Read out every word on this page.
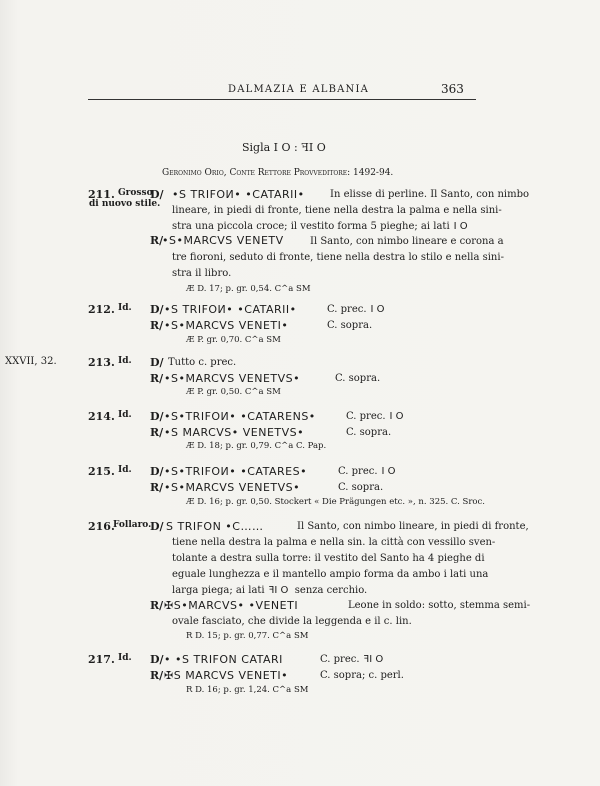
DALMAZIA E ALBANIA	363
Sigla I O : ꟻI O
Geronimo Orio, Conte Rettore Provveditore: 1492-94.
211. Grosso
di nuovo stile.
D/ •S TRIFOИ• •CATARII•	In elisse di perline. Il Santo, con nimbo
lineare, in piedi di fronte, tiene nella destra la palma e nella sini-
stra una piccola croce; il vestito forma 5 pieghe; ai lati I O
R/
•S•MARCVS VENETV	Il Santo, con nimbo lineare e corona a
tre fioroni, seduto di fronte, tiene nella destra lo stilo e nella sini-
stra il libro.
Æ D. 17; p. gr. 0,54. C^a SM
212. Id. D/ •S TRIFOИ• •CATARII•	C. prec. I O
R/ •S•MARCVS VENETI•	C. sopra.
Æ P. gr. 0,70. C^a SM
XXVII, 32.	213. Id. D/ Tutto c. prec.
R/ •S•MARCVS VENETVS•	C. sopra.
Æ P. gr. 0,50. C^a SM
214. Id. D/ •S•TRIFOИ• •CATARENS•	C. prec. I O
R/ •S MARCVS• VENETVS•	C. sopra.
Æ D. 18; p. gr. 0,79. C^a C. Pap.
215. Id. D/ •S•TRIFOИ• •CATARES•	C. prec. I O
R/ •S•MARCVS VENETVS•	C. sopra.
Æ D. 16; p. gr. 0,50. Stockert « Die Prägungen etc. », n. 325. C. Sroc.
216.
Follaro.
D/ S TRIFON •C……	Il Santo, con nimbo lineare, in piedi di fronte,
tiene nella destra la palma e nella sin. la città con vessillo sven-
tolante a destra sulla torre: il vestito del Santo ha 4 pieghe di
eguale lunghezza e il mantello ampio forma da ambo i lati una
larga piega; ai lati ꟻI O senza cerchio.
R/ ✠S•MARCVS• •VENETI	Leone in soldo: sotto, stemma semi-
ovale fasciato, che divide la leggenda e il c. lin.
R D. 15; p. gr. 0,77. C^a SM
217. Id. D/ • •S TRIFON CATARI	C. prec. ꟻI O
R/ ✠S MARCVS VENETI•	C. sopra; c. perl.
R D. 16; p. gr. 1,24. C^a SM
